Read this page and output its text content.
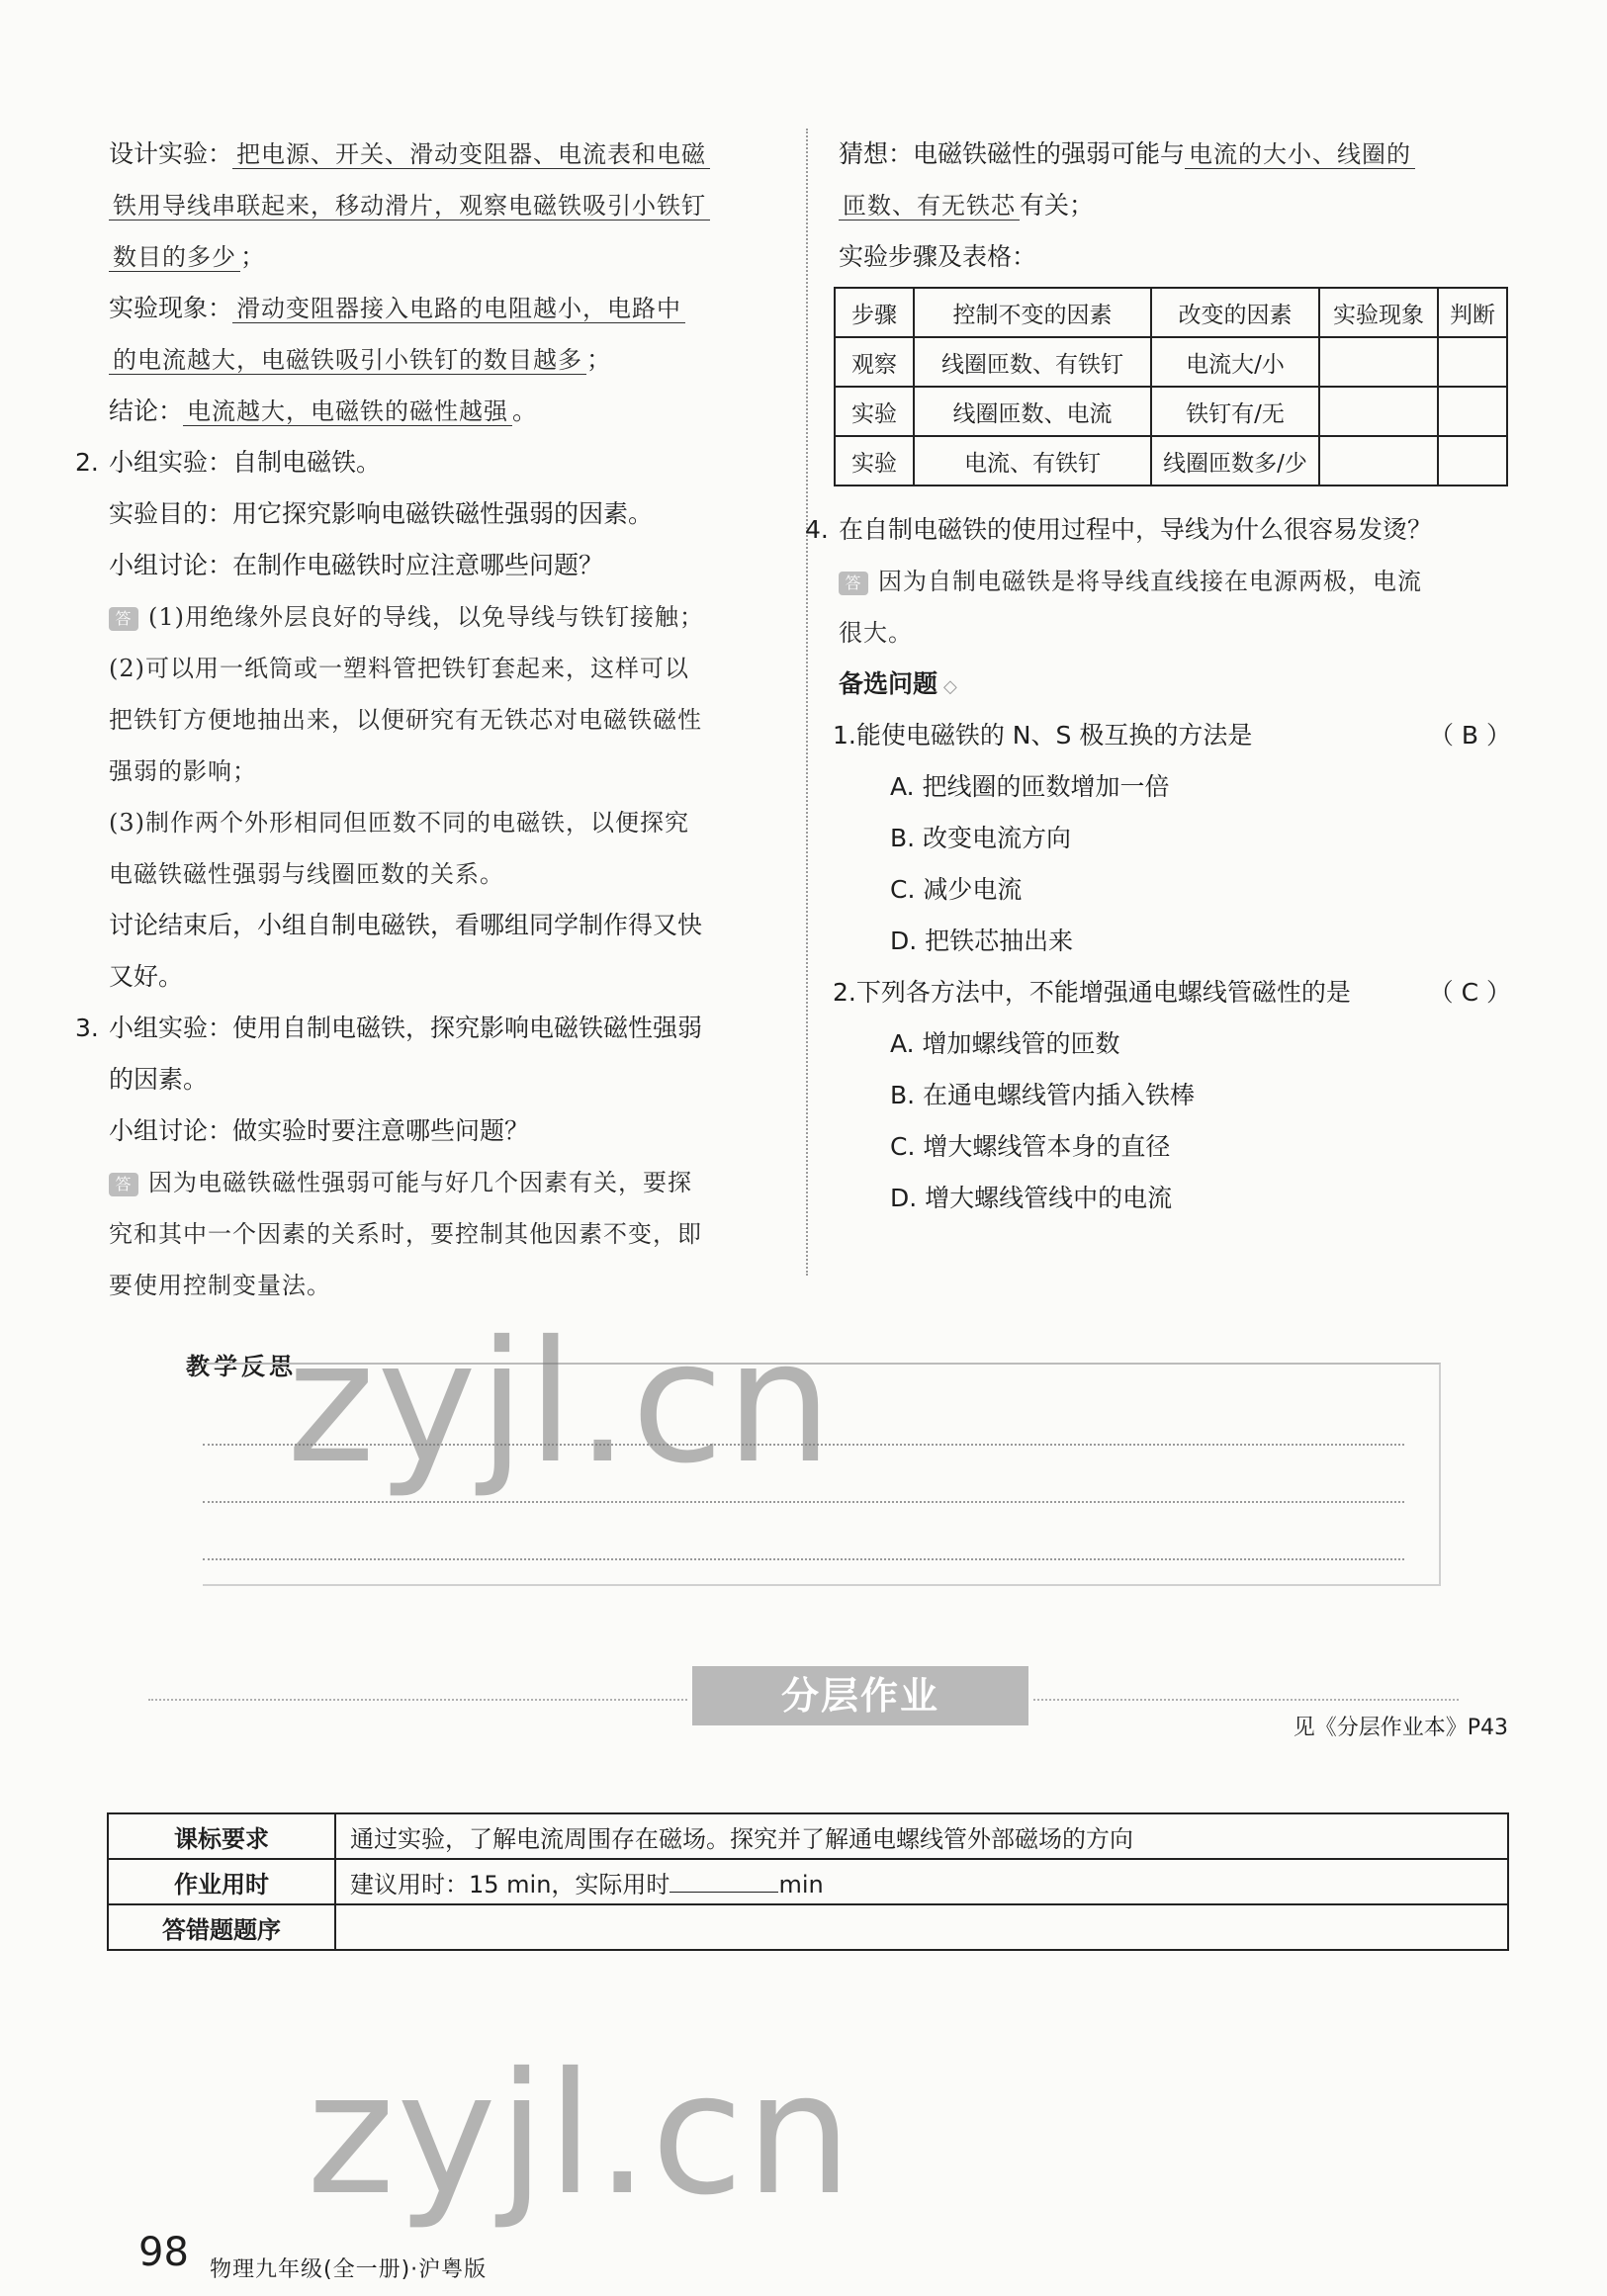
设计实验： 把电源、开关、滑动变阻器、电流表和电磁
铁用导线串联起来，移动滑片，观察电磁铁吸引小铁钉
数目的多少 ；
实验现象： 滑动变阻器接入电路的电阻越小，电路中
的电流越大，电磁铁吸引小铁钉的数目越多 ；
结论： 电流越大，电磁铁的磁性越强 。
2. 小组实验：自制电磁铁。
实验目的：用它探究影响电磁铁磁性强弱的因素。
小组讨论：在制作电磁铁时应注意哪些问题？
答 (1)用绝缘外层良好的导线，以免导线与铁钉接触；
(2)可以用一纸筒或一塑料管把铁钉套起来，这样可以
把铁钉方便地抽出来，以便研究有无铁芯对电磁铁磁性
强弱的影响；
(3)制作两个外形相同但匝数不同的电磁铁，以便探究
电磁铁磁性强弱与线圈匝数的关系。
讨论结束后，小组自制电磁铁，看哪组同学制作得又快
又好。
3. 小组实验：使用自制电磁铁，探究影响电磁铁磁性强弱
的因素。
小组讨论：做实验时要注意哪些问题？
答 因为电磁铁磁性强弱可能与好几个因素有关，要探
究和其中一个因素的关系时，要控制其他因素不变，即
要使用控制变量法。
猜想：电磁铁磁性的强弱可能与 电流的大小、线圈的
匝数、有无铁芯 有关；
实验步骤及表格：
步骤	控制不变的因素	改变的因素	实验现象	判断
观察	线圈匝数、有铁钉	电流大/小		
实验	线圈匝数、电流	铁钉有/无		
实验	电流、有铁钉	线圈匝数多/少		
4. 在自制电磁铁的使用过程中，导线为什么很容易发烫？
答 因为自制电磁铁是将导线直线接在电源两极，电流
很大。
备选问题 ◇
1.能使电磁铁的 N、S 极互换的方法是	（ B ）
A. 把线圈的匝数增加一倍
B. 改变电流方向
C. 减少电流
D. 把铁芯抽出来
2.下列各方法中，不能增强通电螺线管磁性的是	（ C ）
A. 增加螺线管的匝数
B. 在通电螺线管内插入铁棒
C. 增大螺线管本身的直径
D. 增大螺线管线中的电流
教学反思
分层作业
见《分层作业本》P43
课标要求	通过实验，了解电流周围存在磁场。探究并了解通电螺线管外部磁场的方向
作业用时	建议用时：15 min，实际用时 min
答错题题序	
zyjl.cn
zyjl.cn
98 物理九年级(全一册)·沪粤版
